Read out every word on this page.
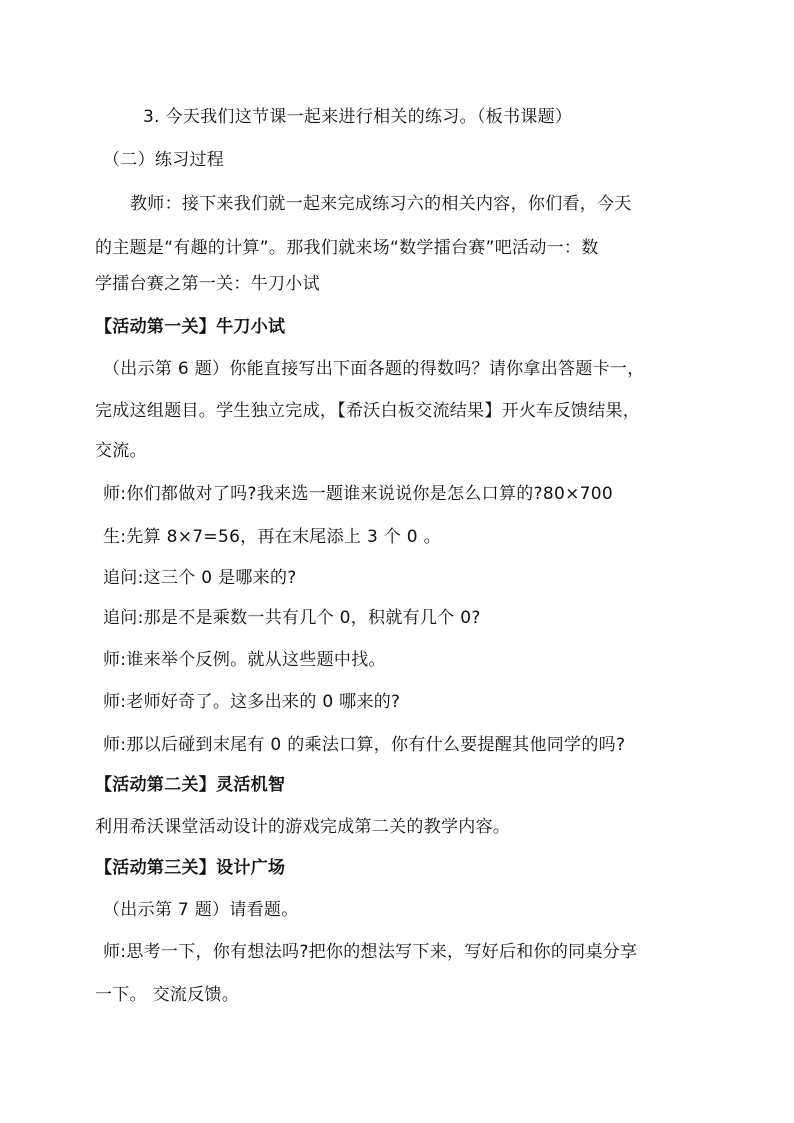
3. 今天我们这节课一起来进行相关的练习。（板书课题）
（二）练习过程
教师：接下来我们就一起来完成练习六的相关内容，你们看，今天
的主题是“有趣的计算”。那我们就来场“数学擂台赛”吧活动一：数
学擂台赛之第一关：牛刀小试
【活动第一关】牛刀小试
（出示第 6 题）你能直接写出下面各题的得数吗？请你拿出答题卡一，
完成这组题目。学生独立完成，【希沃白板交流结果】开火车反馈结果，
交流。
师:你们都做对了吗?我来选一题谁来说说你是怎么口算的?80×700
生:先算 8×7=56，再在末尾添上 3 个 0 。
追问:这三个 0 是哪来的?
追问:那是不是乘数一共有几个 0，积就有几个 0?
师:谁来举个反例。就从这些题中找。
师:老师好奇了。这多出来的 0 哪来的?
师:那以后碰到末尾有 0 的乘法口算，你有什么要提醒其他同学的吗?
【活动第二关】灵活机智
利用希沃课堂活动设计的游戏完成第二关的教学内容。
【活动第三关】设计广场
（出示第 7 题）请看题。
师:思考一下，你有想法吗?把你的想法写下来，写好后和你的同桌分享
一下。 交流反馈。
